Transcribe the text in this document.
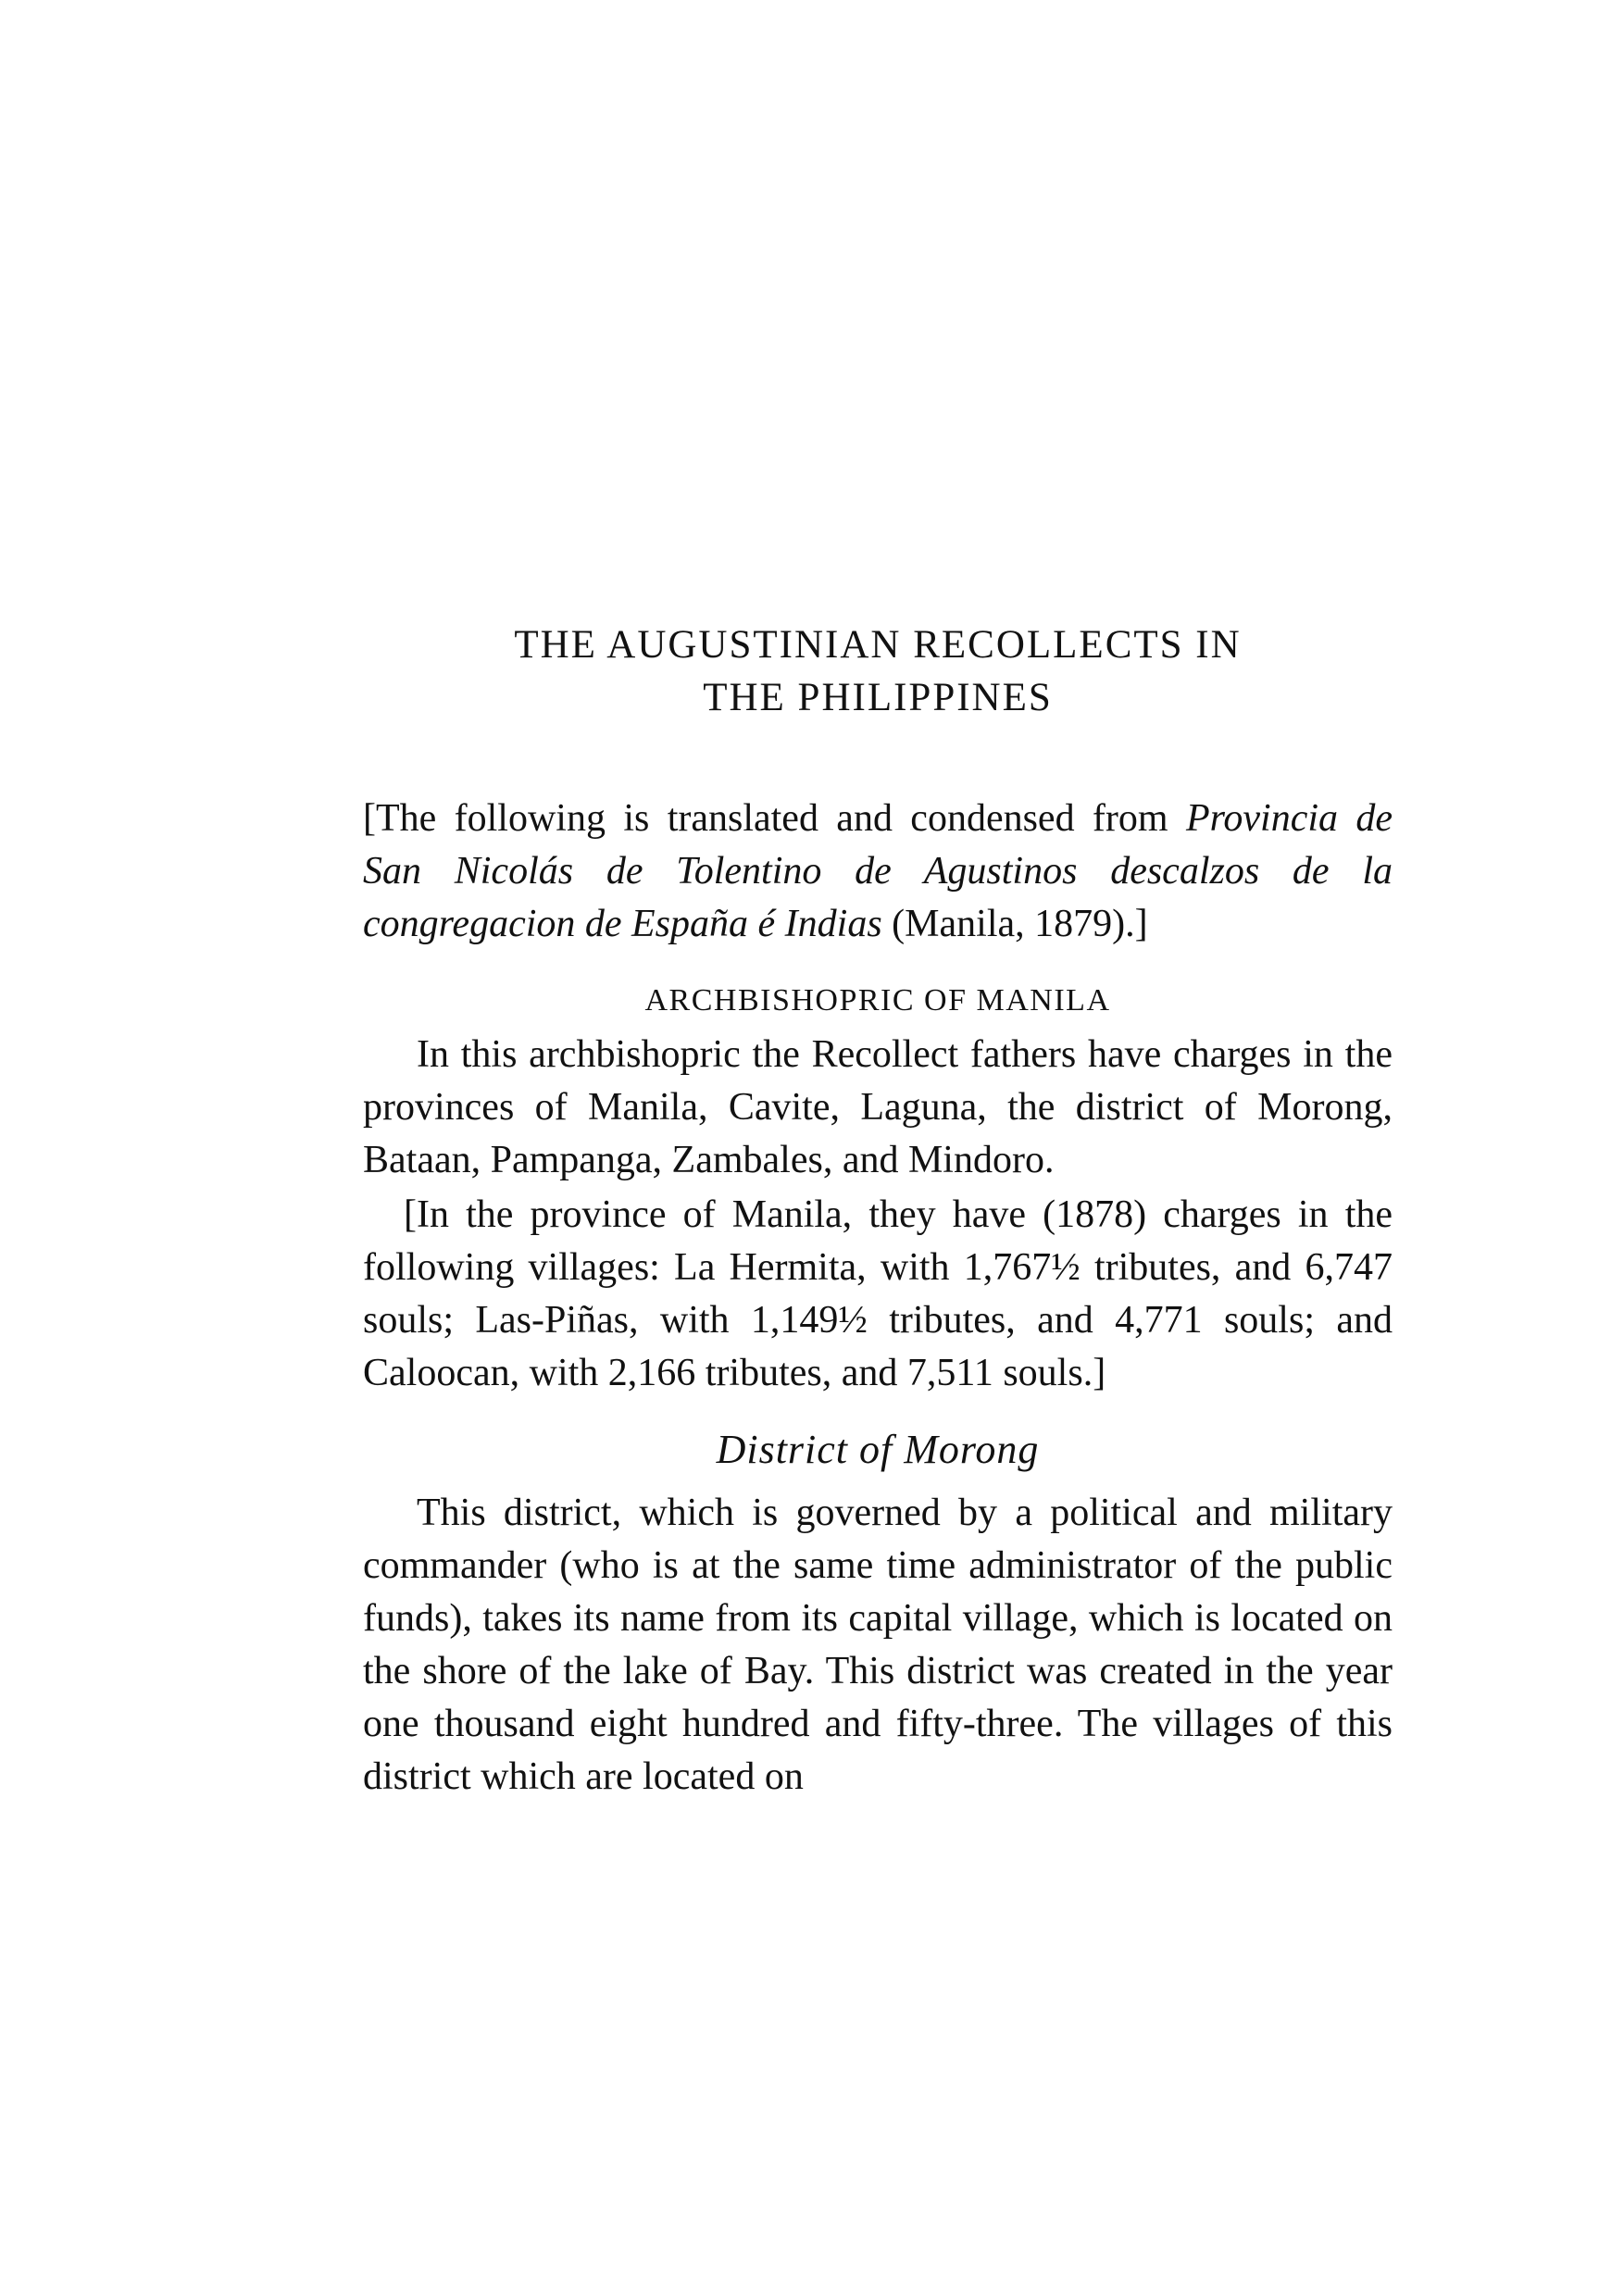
THE AUGUSTINIAN RECOLLECTS IN
THE PHILIPPINES

[The following is translated and condensed from Provincia de San Nicolás de Tolentino de Agustinos descalzos de la congregacion de España é Indias (Manila, 1879).]

ARCHBISHOPRIC OF MANILA

In this archbishopric the Recollect fathers have charges in the provinces of Manila, Cavite, Laguna, the district of Morong, Bataan, Pampanga, Zambales, and Mindoro.

[In the province of Manila, they have (1878) charges in the following villages: La Hermita, with 1,767½ tributes, and 6,747 souls; Las-Piñas, with 1,149½ tributes, and 4,771 souls; and Caloocan, with 2,166 tributes, and 7,511 souls.]

District of Morong

This district, which is governed by a political and military commander (who is at the same time administrator of the public funds), takes its name from its capital village, which is located on the shore of the lake of Bay. This district was created in the year one thousand eight hundred and fifty-three. The villages of this district which are located on
